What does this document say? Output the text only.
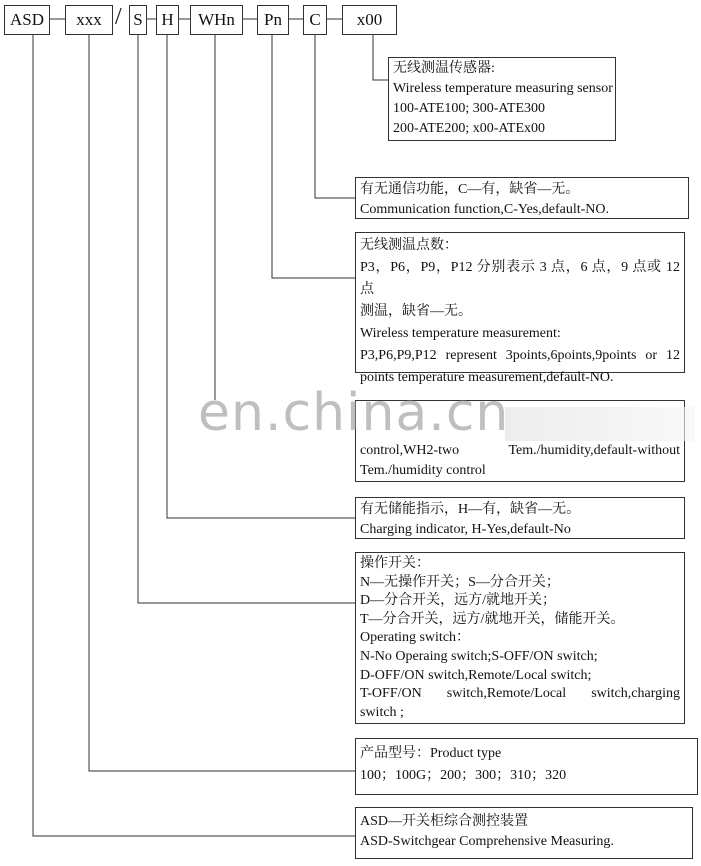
ASD xxx / S H WHn Pn C x00
无线测温传感器:
Wireless temperature measuring sensor
100-ATE100; 300-ATE300
200-ATE200; x00-ATEx00
有无通信功能，C—有，缺省—无。
Communication function,C-Yes,default-NO.
无线测温点数：
P3，P6，P9，P12 分别表示 3 点，6 点，9 点或 12 点
测温，缺省—无。
Wireless temperature measurement:
P3,P6,P9,P12 represent 3points,6points,9points or 12
points temperature measurement,default-NO.
control,WH2-two Tem./humidity,default-without
Tem./humidity control
有无储能指示，H—有，缺省—无。
Charging indicator, H-Yes,default-No
操作开关：
N—无操作开关；S—分合开关；
D—分合开关，远方/就地开关；
T—分合开关，远方/就地开关，储能开关。
Operating switch：
N-No Operaing switch;S-OFF/ON switch;
D-OFF/ON switch,Remote/Local switch;
T-OFF/ON switch,Remote/Local switch,charging
switch ;
产品型号：Product type
100；100G；200；300；310；320
ASD—开关柜综合测控装置
ASD-Switchgear Comprehensive Measuring.
en.china.cn
